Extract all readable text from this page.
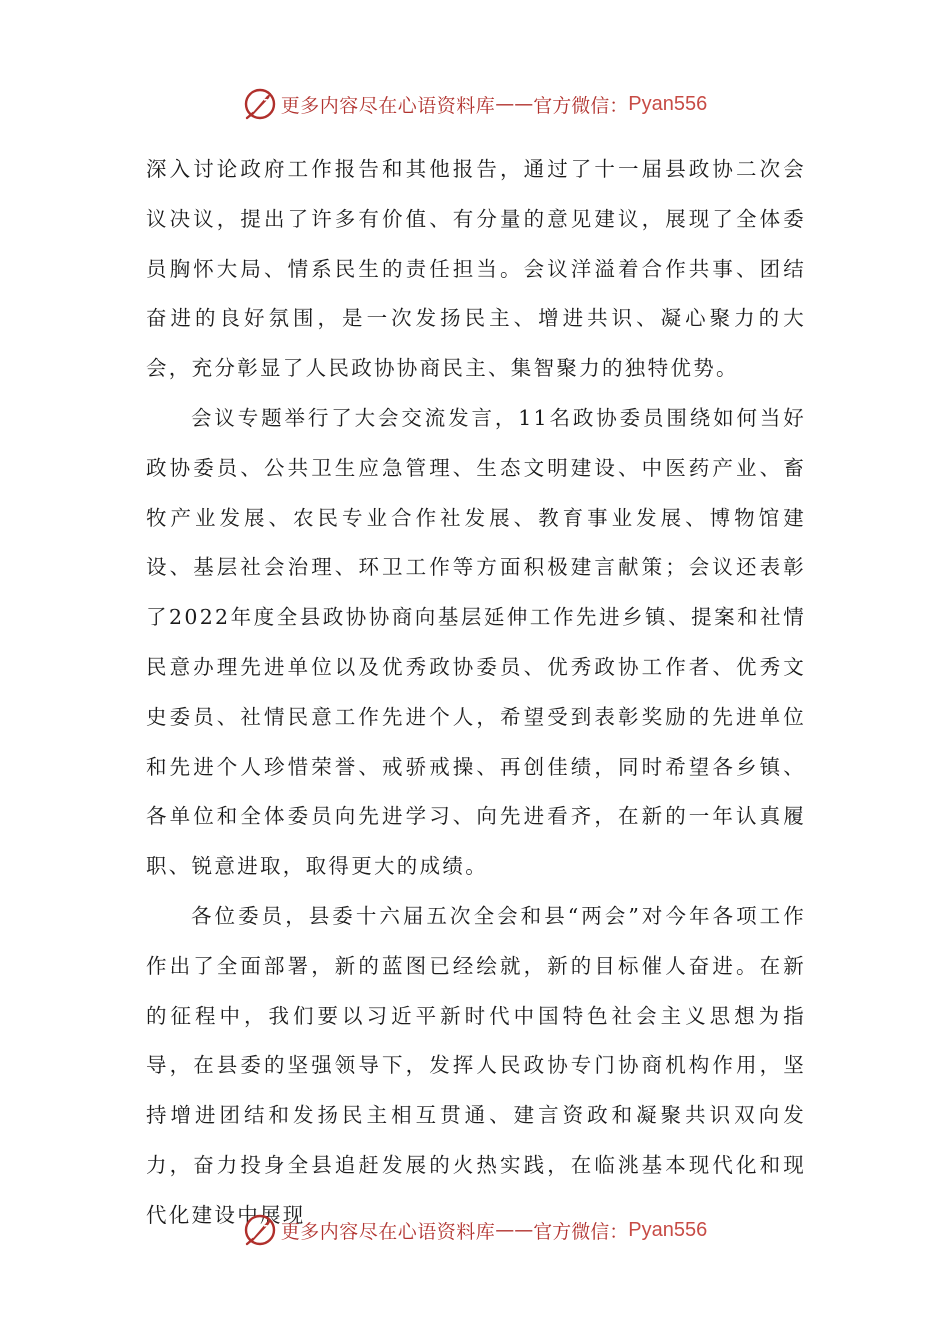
更多内容尽在心语资料库 —— 官方微信： Pyan556

深入讨论政府工作报告和其他报告，通过了十一届县政协二次会议决议，提出了许多有价值、有分量的意见建议，展现了全体委员胸怀大局、情系民生的责任担当。会议洋溢着合作共事、团结奋进的良好氛围，是一次发扬民主、增进共识、凝心聚力的大会，充分彰显了人民政协协商民主、集智聚力的独特优势。

会议专题举行了大会交流发言，11名政协委员围绕如何当好政协委员、公共卫生应急管理、生态文明建设、中医药产业、畜牧产业发展、农民专业合作社发展、教育事业发展、博物馆建设、基层社会治理、环卫工作等方面积极建言献策；会议还表彰了2022年度全县政协协商向基层延伸工作先进乡镇、提案和社情民意办理先进单位以及优秀政协委员、优秀政协工作者、优秀文史委员、社情民意工作先进个人，希望受到表彰奖励的先进单位和先进个人珍惜荣誉、戒骄戒操、再创佳绩，同时希望各乡镇、各单位和全体委员向先进学习、向先进看齐，在新的一年认真履职、锐意进取，取得更大的成绩。

各位委员，县委十六届五次全会和县“两会”对今年各项工作作出了全面部署，新的蓝图已经绘就，新的目标催人奋进。在新的征程中，我们要以习近平新时代中国特色社会主义思想为指导，在县委的坚强领导下，发挥人民政协专门协商机构作用，坚持增进团结和发扬民主相互贯通、建言资政和凝聚共识双向发力，奋力投身全县追赶发展的火热实践，在临洮基本现代化和现代化建设中展现

更多内容尽在心语资料库 —— 官方微信： Pyan556
